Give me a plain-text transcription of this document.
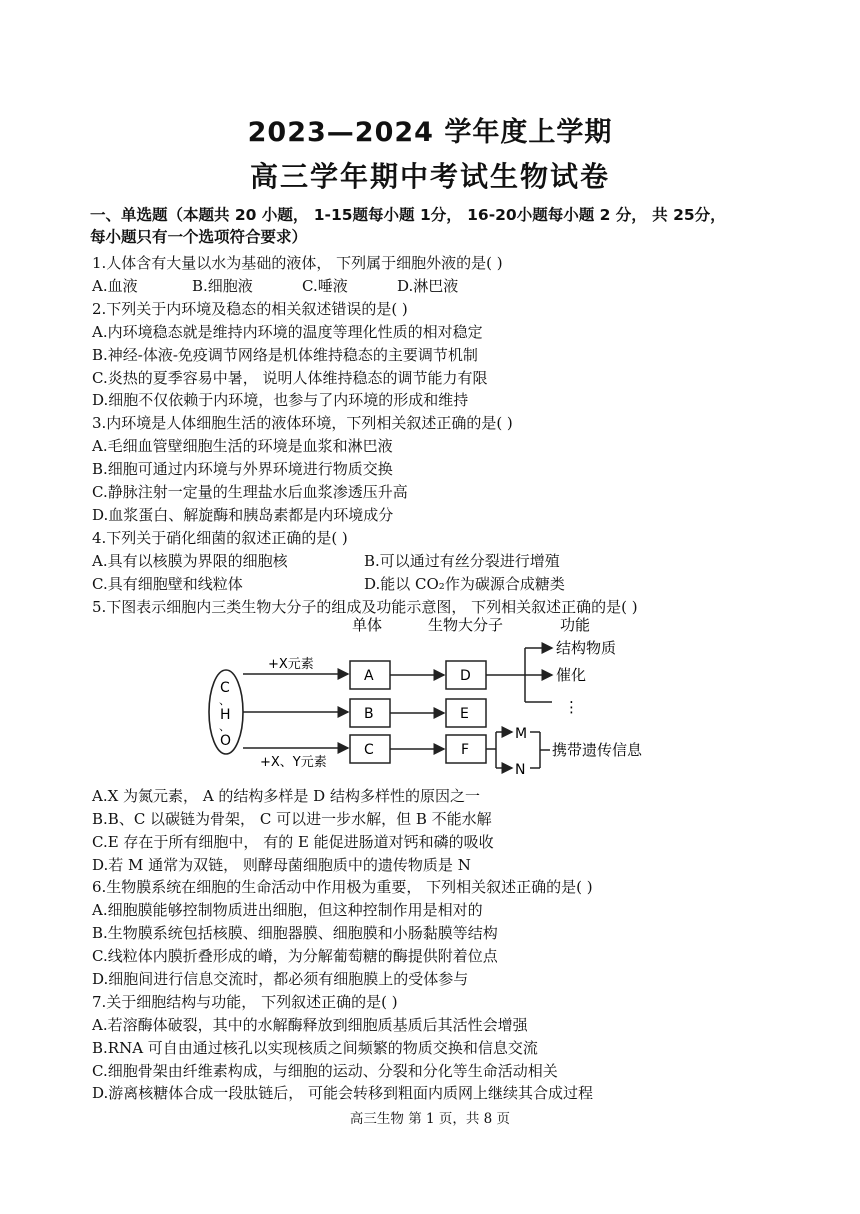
2023—2024 学年度上学期
高三学年期中考试生物试卷
一、单选题（本题共 20 小题， 1-15题每小题 1分， 16-20小题每小题 2 分， 共 25分，
每小题只有一个选项符合要求）
1.人体含有大量以水为基础的液体， 下列属于细胞外液的是( )
A.血液	B.细胞液	C.唾液	D.淋巴液
2.下列关于内环境及稳态的相关叙述错误的是( )
A.内环境稳态就是维持内环境的温度等理化性质的相对稳定
B.神经-体液-免疫调节网络是机体维持稳态的主要调节机制
C.炎热的夏季容易中暑， 说明人体维持稳态的调节能力有限
D.细胞不仅依赖于内环境，也参与了内环境的形成和维持
3.内环境是人体细胞生活的液体环境，下列相关叙述正确的是( )
A.毛细血管壁细胞生活的环境是血浆和淋巴液
B.细胞可通过内环境与外界环境进行物质交换
C.静脉注射一定量的生理盐水后血浆渗透压升高
D.血浆蛋白、解旋酶和胰岛素都是内环境成分
4.下列关于硝化细菌的叙述正确的是( )
A.具有以核膜为界限的细胞核	B.可以通过有丝分裂进行增殖
C.具有细胞壁和线粒体	D.能以 CO₂作为碳源合成糖类
5.下图表示细胞内三类生物大分子的组成及功能示意图， 下列相关叙述正确的是( )
单体	生物大分子	功能
C
、
H
、
O
+X元素
+X、Y元素
A
B
C
D
E
F
结构物质
催化
⋮
M
N
携带遗传信息
A.X 为氮元素， A 的结构多样是 D 结构多样性的原因之一
B.B、C 以碳链为骨架， C 可以进一步水解，但 B 不能水解
C.E 存在于所有细胞中， 有的 E 能促进肠道对钙和磷的吸收
D.若 M 通常为双链， 则酵母菌细胞质中的遗传物质是 N
6.生物膜系统在细胞的生命活动中作用极为重要， 下列相关叙述正确的是( )
A.细胞膜能够控制物质进出细胞，但这种控制作用是相对的
B.生物膜系统包括核膜、细胞器膜、细胞膜和小肠黏膜等结构
C.线粒体内膜折叠形成的嵴，为分解葡萄糖的酶提供附着位点
D.细胞间进行信息交流时，都必须有细胞膜上的受体参与
7.关于细胞结构与功能， 下列叙述正确的是( )
A.若溶酶体破裂，其中的水解酶释放到细胞质基质后其活性会增强
B.RNA 可自由通过核孔以实现核质之间频繁的物质交换和信息交流
C.细胞骨架由纤维素构成，与细胞的运动、分裂和分化等生命活动相关
D.游离核糖体合成一段肽链后， 可能会转移到粗面内质网上继续其合成过程
高三生物 第 1 页，共 8 页
